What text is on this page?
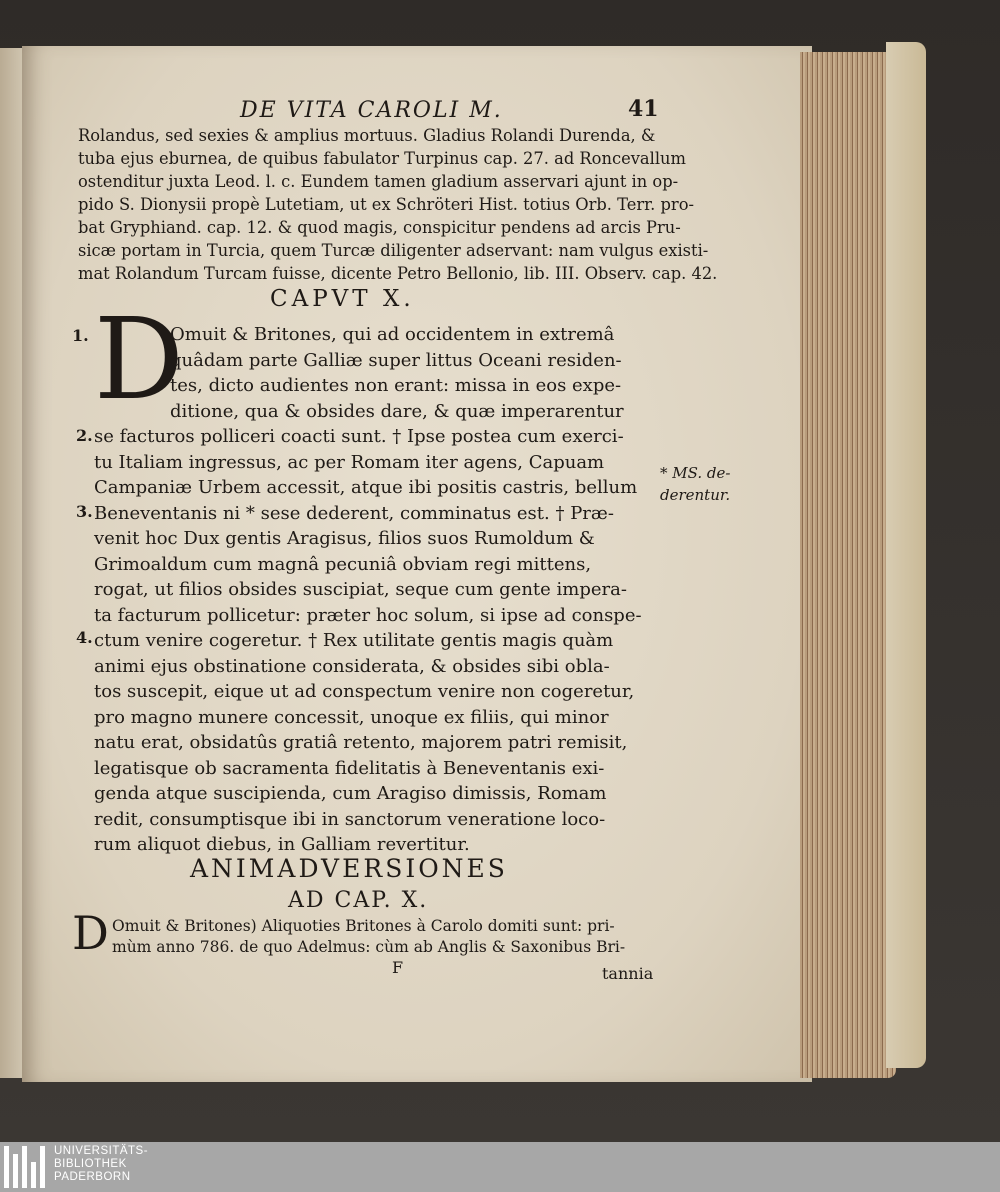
DE VITA CAROLI M.	41

Rolandus, sed sexies & amplius mortuus. Gladius Rolandi Durenda, &

tuba ejus eburnea, de quibus fabulator Turpinus cap. 27. ad Roncevallum

ostenditur juxta Leod. l. c. Eundem tamen gladium asservari ajunt in op-

pido S. Dionysii propè Lutetiam, ut ex Schröteri Hist. totius Orb. Terr. pro-

bat Gryphiand. cap. 12. & quod magis, conspicitur pendens ad arcis Pru-

sicæ portam in Turcia, quem Turcæ diligenter adservant: nam vulgus existi-

mat Rolandum Turcam fuisse, dicente Petro Bellonio, lib. III. Observ. cap. 42.

CAPVT X.
1.
2.
3.
4.
D

Omuit & Britones, qui ad occidentem in extremâ

quâdam parte Galliæ super littus Oceani residen-

tes, dicto audientes non erant: missa in eos expe-

ditione, qua & obsides dare, & quæ imperarentur

se facturos polliceri coacti sunt. † Ipse postea cum exerci-

tu Italiam ingressus, ac per Romam iter agens, Capuam

Campaniæ Urbem accessit, atque ibi positis castris, bellum

Beneventanis ni * sese dederent, comminatus est. † Præ-

venit hoc Dux gentis Aragisus, filios suos Rumoldum &

Grimoaldum cum magnâ pecuniâ obviam regi mittens,

rogat, ut filios obsides suscipiat, seque cum gente impera-

ta facturum pollicetur: præter hoc solum, si ipse ad conspe-

ctum venire cogeretur. † Rex utilitate gentis magis quàm

animi ejus obstinatione considerata, & obsides sibi obla-

tos suscepit, eique ut ad conspectum venire non cogeretur,

pro magno munere concessit, unoque ex filiis, qui minor

natu erat, obsidatûs gratiâ retento, majorem patri remisit,

legatisque ob sacramenta fidelitatis à Beneventanis exi-

genda atque suscipienda, cum Aragiso dimissis, Romam

redit, consumptisque ibi in sanctorum veneratione loco-

rum aliquot diebus, in Galliam revertitur.

* MS. de-
derentur.
ANIMADVERSIONES
AD CAP. X.
D Omuit & Britones) Aliquoties Britones à Carolo domiti sunt: pri-

mùm anno 786. de quo Adelmus: cùm ab Anglis & Saxonibus Bri-

F	tannia
UNIVERSITÄTS-
BIBLIOTHEK
PADERBORN
